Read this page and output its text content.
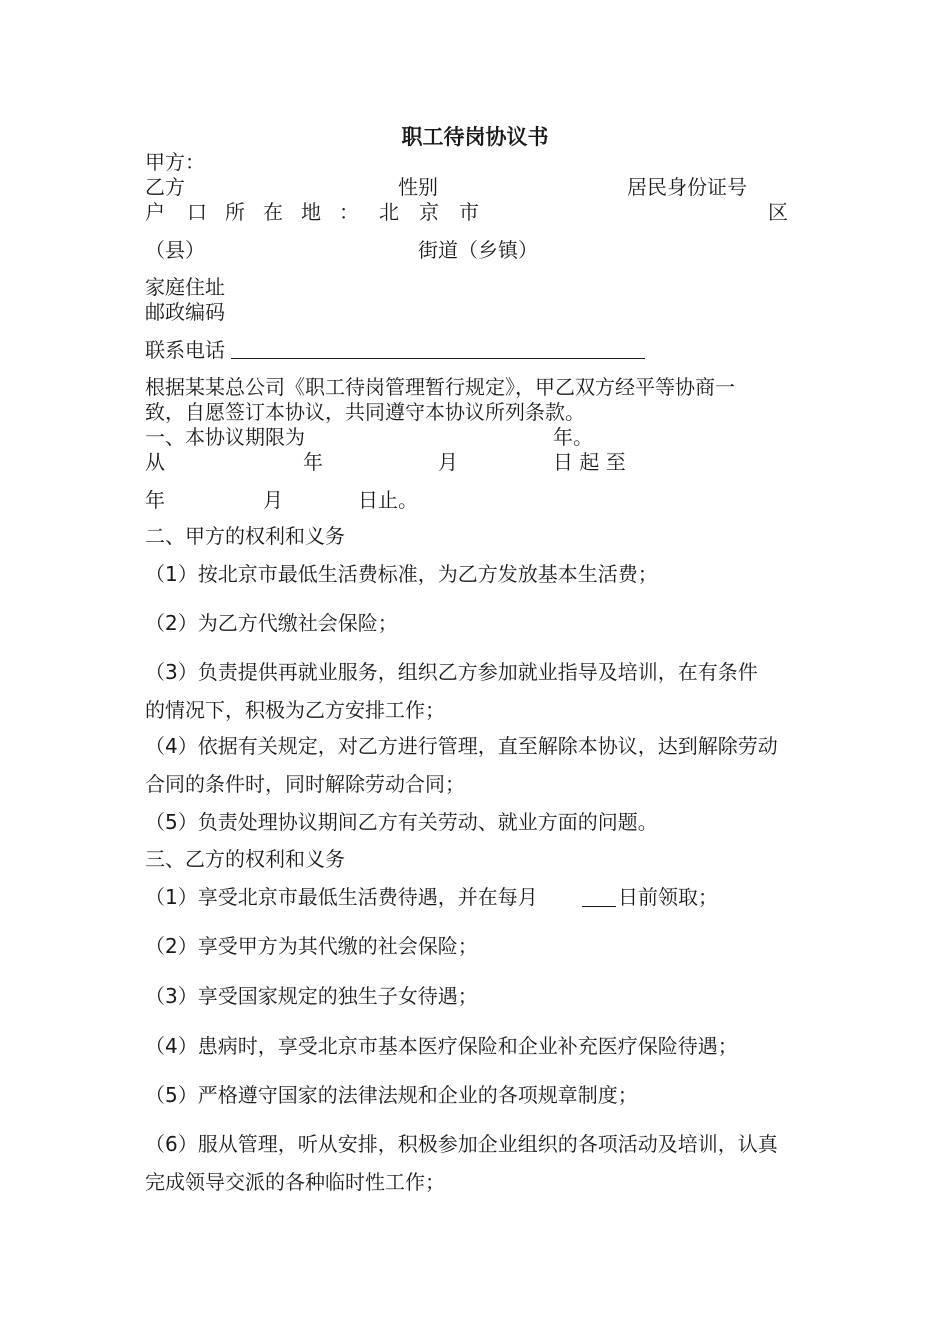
职工待岗协议书
甲方：
乙方	性别	居民身份证号
户 口 所 在 地 ： 北 京 市	区
（县）	街道（乡镇）
家庭住址
邮政编码
联系电话
根据某某总公司《职工待岗管理暂行规定》，甲乙双方经平等协商一
致，自愿签订本协议，共同遵守本协议所列条款。
一、本协议期限为	年。
从	年	月	日 起 至
年	月	日止。
二、甲方的权利和义务
（1）按北京市最低生活费标准，为乙方发放基本生活费；
（2）为乙方代缴社会保险；
（3）负责提供再就业服务，组织乙方参加就业指导及培训，在有条件
的情况下，积极为乙方安排工作；
（4）依据有关规定，对乙方进行管理，直至解除本协议，达到解除劳动
合同的条件时，同时解除劳动合同；
（5）负责处理协议期间乙方有关劳动、就业方面的问题。
三、乙方的权利和义务
（1）享受北京市最低生活费待遇，并在每月	日前领取；
（2）享受甲方为其代缴的社会保险；
（3）享受国家规定的独生子女待遇；
（4）患病时，享受北京市基本医疗保险和企业补充医疗保险待遇；
（5）严格遵守国家的法律法规和企业的各项规章制度；
（6）服从管理，听从安排，积极参加企业组织的各项活动及培训，认真
完成领导交派的各种临时性工作；
